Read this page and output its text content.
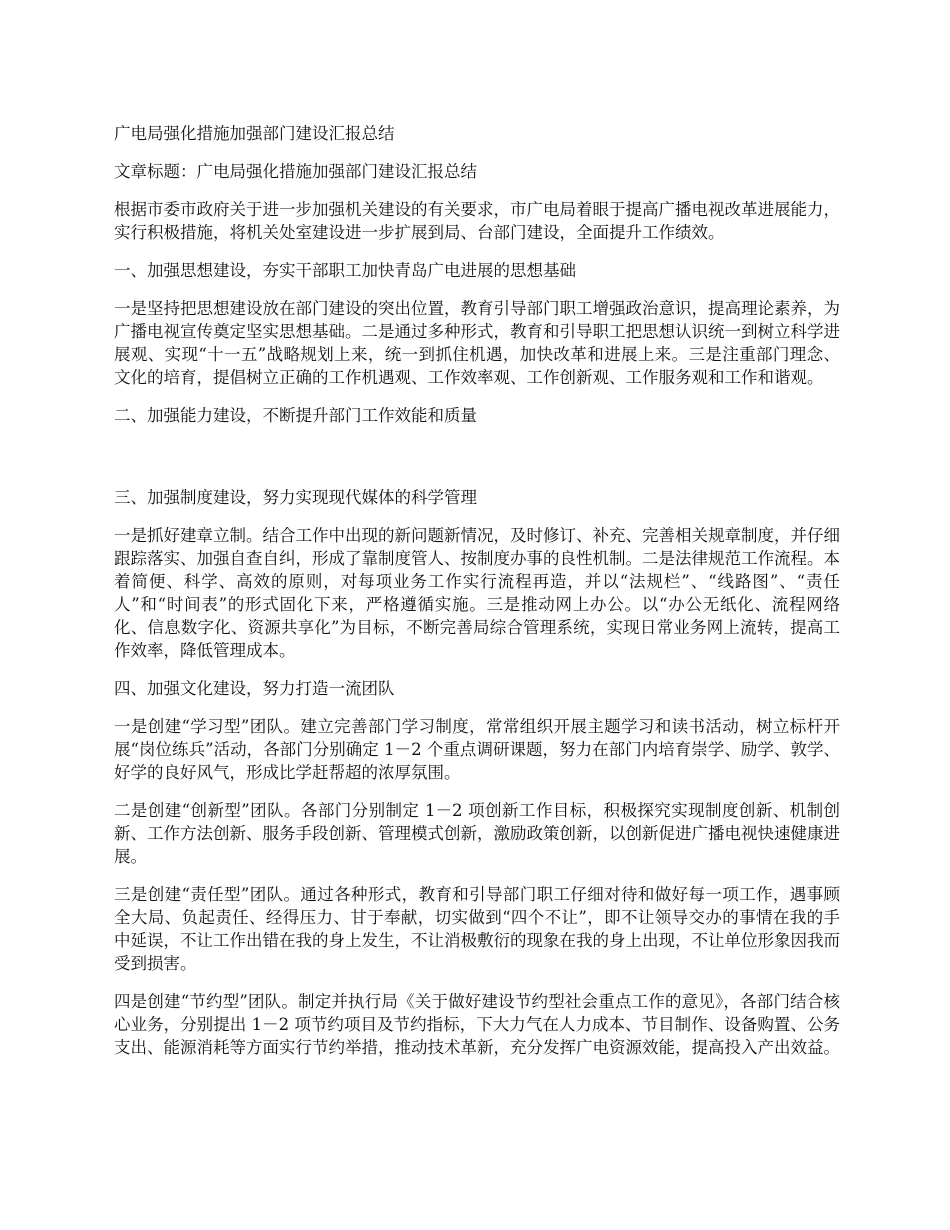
广电局强化措施加强部门建设汇报总结

文章标题：广电局强化措施加强部门建设汇报总结

根据市委市政府关于进一步加强机关建设的有关要求，市广电局着眼于提高广播电视改革进展能力，实行积极措施，将机关处室建设进一步扩展到局、台部门建设，全面提升工作绩效。

一、加强思想建设，夯实干部职工加快青岛广电进展的思想基础

一是坚持把思想建设放在部门建设的突出位置，教育引导部门职工增强政治意识，提高理论素养，为广播电视宣传奠定坚实思想基础。二是通过多种形式，教育和引导职工把思想认识统一到树立科学进展观、实现“十一五”战略规划上来，统一到抓住机遇，加快改革和进展上来。三是注重部门理念、文化的培育，提倡树立正确的工作机遇观、工作效率观、工作创新观、工作服务观和工作和谐观。

二、加强能力建设，不断提升部门工作效能和质量

三、加强制度建设，努力实现现代媒体的科学管理

一是抓好建章立制。结合工作中出现的新问题新情况，及时修订、补充、完善相关规章制度，并仔细跟踪落实、加强自查自纠，形成了靠制度管人、按制度办事的良性机制。二是法律规范工作流程。本着简便、科学、高效的原则，对每项业务工作实行流程再造，并以“法规栏”、“线路图”、“责任人”和“时间表”的形式固化下来，严格遵循实施。三是推动网上办公。以“办公无纸化、流程网络化、信息数字化、资源共享化”为目标，不断完善局综合管理系统，实现日常业务网上流转，提高工作效率，降低管理成本。

四、加强文化建设，努力打造一流团队

一是创建“学习型”团队。建立完善部门学习制度，常常组织开展主题学习和读书活动，树立标杆开展“岗位练兵”活动，各部门分别确定 1－2 个重点调研课题，努力在部门内培育崇学、励学、敦学、好学的良好风气，形成比学赶帮超的浓厚氛围。

二是创建“创新型”团队。各部门分别制定 1－2 项创新工作目标，积极探究实现制度创新、机制创新、工作方法创新、服务手段创新、管理模式创新，激励政策创新，以创新促进广播电视快速健康进展。

三是创建“责任型”团队。通过各种形式，教育和引导部门职工仔细对待和做好每一项工作，遇事顾全大局、负起责任、经得压力、甘于奉献，切实做到“四个不让”，即不让领导交办的事情在我的手中延误，不让工作出错在我的身上发生，不让消极敷衍的现象在我的身上出现，不让单位形象因我而受到损害。

四是创建“节约型”团队。制定并执行局《关于做好建设节约型社会重点工作的意见》，各部门结合核心业务，分别提出 1－2 项节约项目及节约指标，下大力气在人力成本、节目制作、设备购置、公务支出、能源消耗等方面实行节约举措，推动技术革新，充分发挥广电资源效能，提高投入产出效益。
